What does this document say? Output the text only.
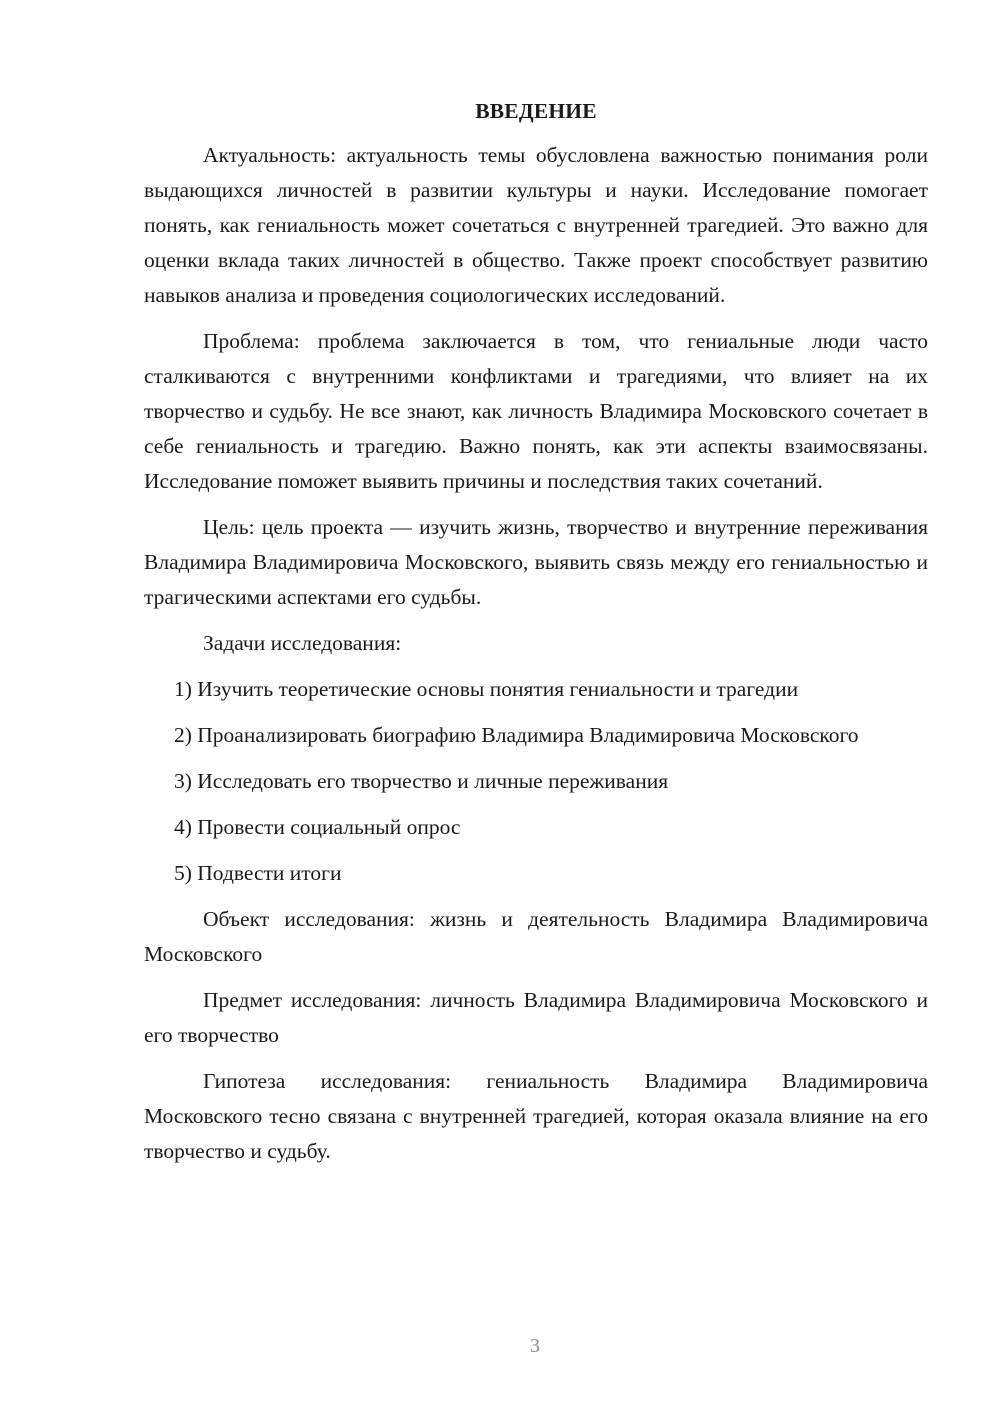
ВВЕДЕНИЕ

Актуальность: актуальность темы обусловлена важностью понимания роли выдающихся личностей в развитии культуры и науки. Исследование помогает понять, как гениальность может сочетаться с внутренней трагедией. Это важно для оценки вклада таких личностей в общество. Также проект способствует развитию навыков анализа и проведения социологических исследований.

Проблема: проблема заключается в том, что гениальные люди часто сталкиваются с внутренними конфликтами и трагедиями, что влияет на их творчество и судьбу. Не все знают, как личность Владимира Московского сочетает в себе гениальность и трагедию. Важно понять, как эти аспекты взаимосвязаны. Исследование поможет выявить причины и последствия таких сочетаний.

Цель: цель проекта — изучить жизнь, творчество и внутренние переживания Владимира Владимировича Московского, выявить связь между его гениальностью и трагическими аспектами его судьбы.

Задачи исследования:

1) Изучить теоретические основы понятия гениальности и трагедии

2) Проанализировать биографию Владимира Владимировича Московского

3) Исследовать его творчество и личные переживания

4) Провести социальный опрос

5) Подвести итоги

Объект исследования: жизнь и деятельность Владимира Владимировича Московского

Предмет исследования: личность Владимира Владимировича Московского и его творчество

Гипотеза исследования: гениальность Владимира Владимировича Московского тесно связана с внутренней трагедией, которая оказала влияние на его творчество и судьбу.

3
